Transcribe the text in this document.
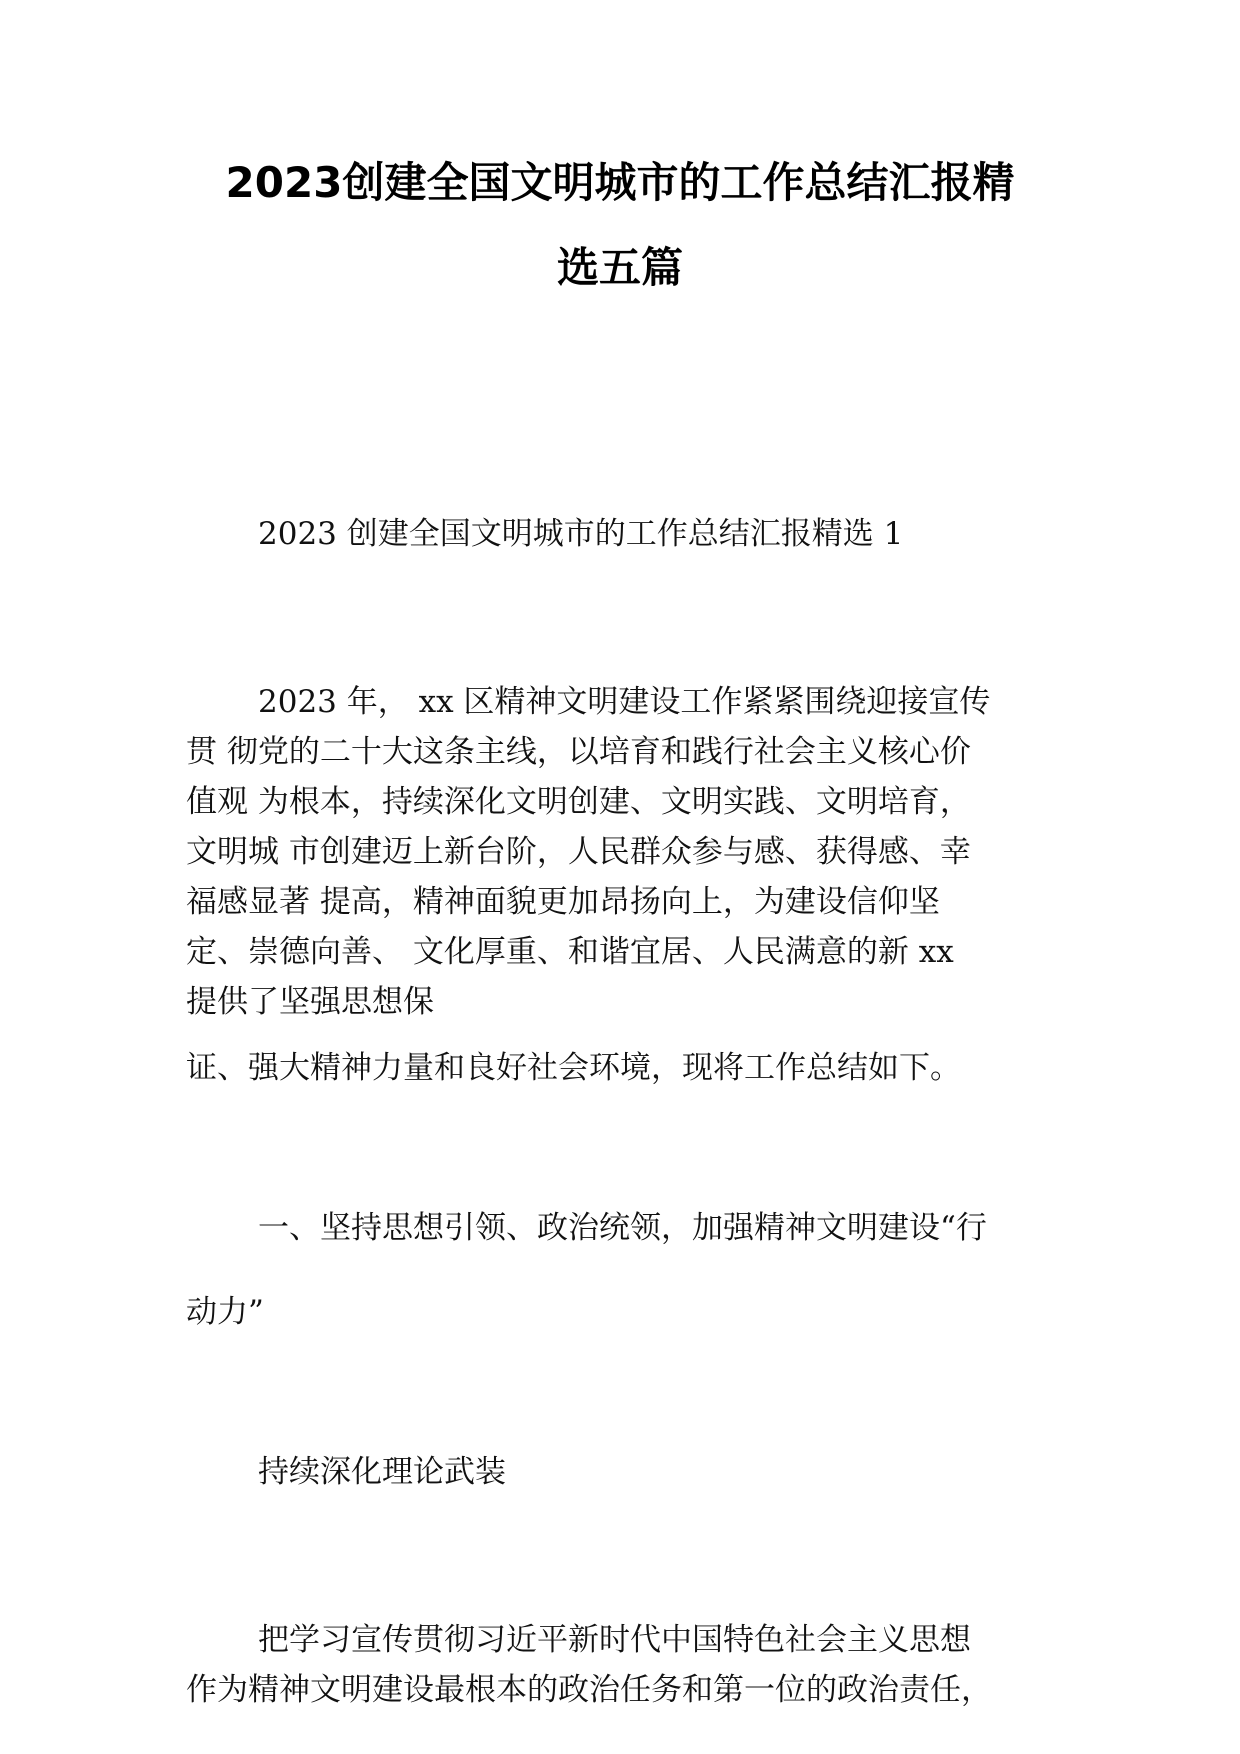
2023创建全国文明城市的工作总结汇报精
选五篇

2023 创建全国文明城市的工作总结汇报精选 1

2023 年， xx 区精神文明建设工作紧紧围绕迎接宣传

贯 彻党的二十大这条主线，以培育和践行社会主义核心价

值观 为根本，持续深化文明创建、文明实践、文明培育，

文明城 市创建迈上新台阶，人民群众参与感、获得感、幸

福感显著 提高，精神面貌更加昂扬向上，为建设信仰坚

定、崇德向善、 文化厚重、和谐宜居、人民满意的新 xx

提供了坚强思想保

证、强大精神力量和良好社会环境，现将工作总结如下。

一、坚持思想引领、政治统领，加强精神文明建设“行

动力”

持续深化理论武装

把学习宣传贯彻习近平新时代中国特色社会主义思想

作为精神文明建设最根本的政治任务和第一位的政治责任，
